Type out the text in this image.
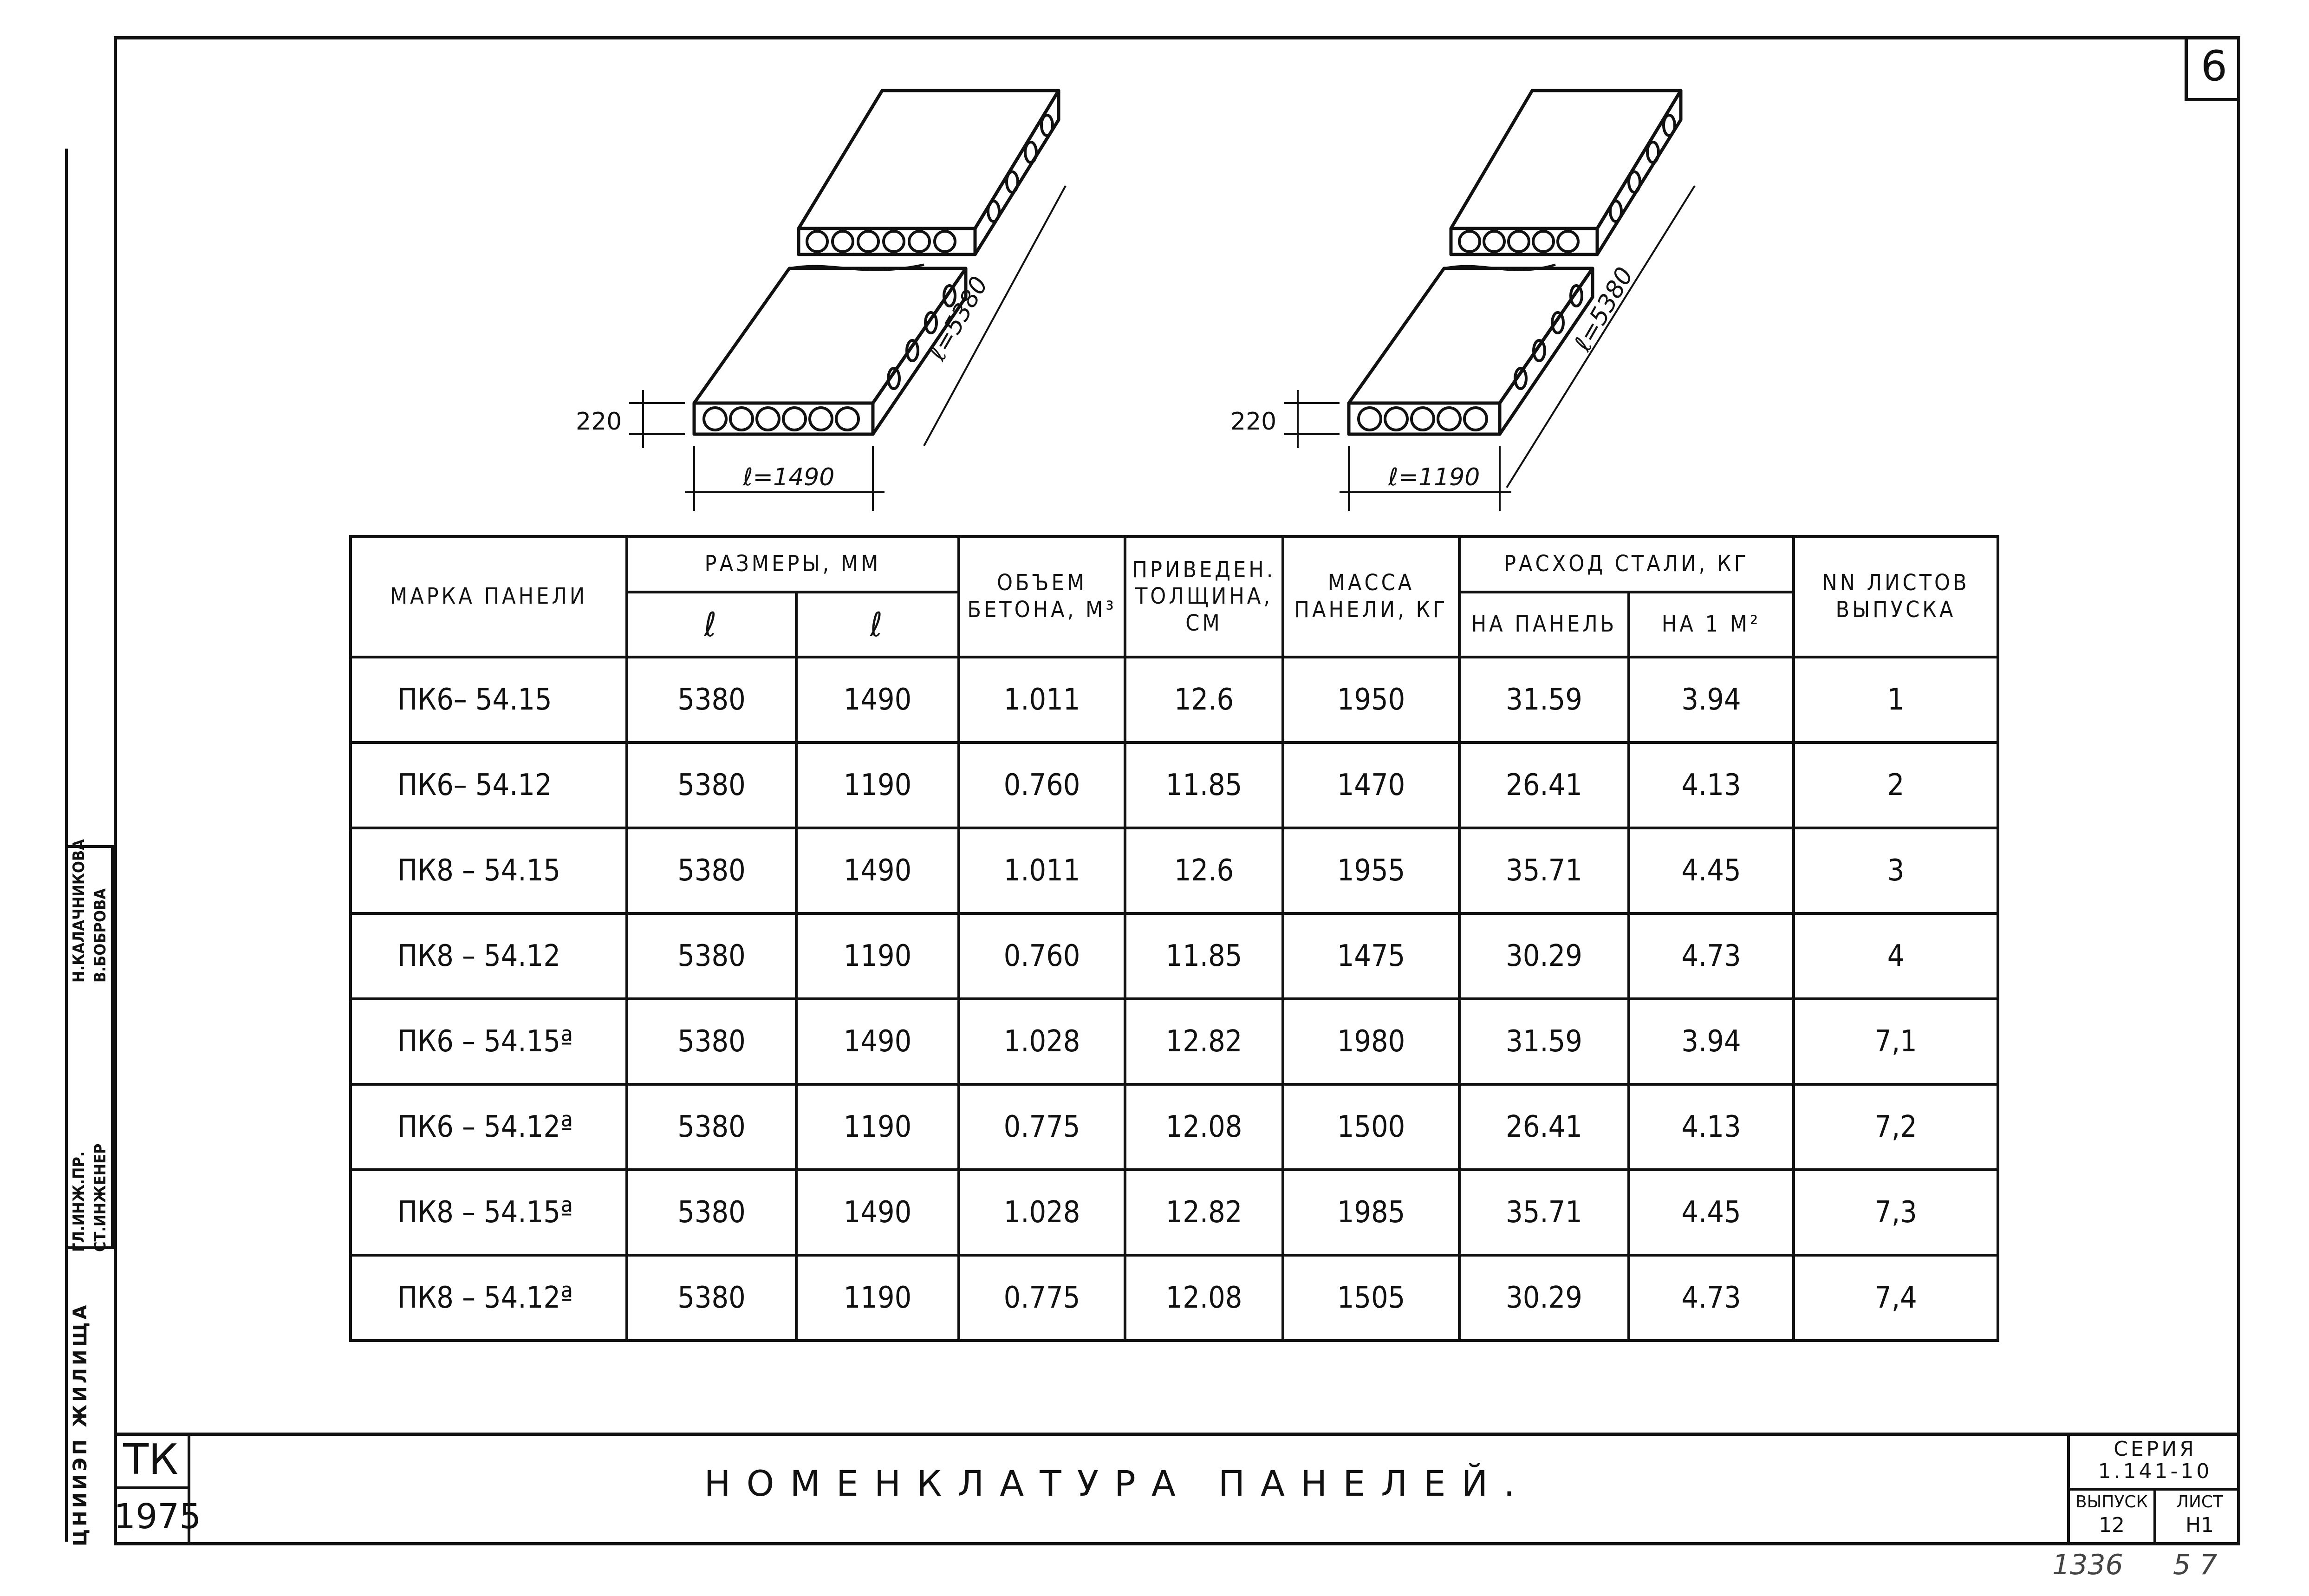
6
220
ℓ=1490
ℓ=5380
220
ℓ=1190
ℓ=5380
МАРКА ПАНЕЛИ	РАЗМЕРЫ, ММ		ОБЪЕМ БЕТОНА, М³	ПРИВЕДЕН. ТОЛЩИНА, СМ	МАССА ПАНЕЛИ, КГ	РАСХОД СТАЛИ, КГ		NN ЛИСТОВ ВЫПУСКА
	ℓ	ℓ				НА ПАНЕЛЬ	НА 1 М²	
ПК6– 54.15	5380	1490	1.011	12.6	1950	31.59	3.94	1
ПК6– 54.12	5380	1190	0.760	11.85	1470	26.41	4.13	2
ПК8 – 54.15	5380	1490	1.011	12.6	1955	35.71	4.45	3
ПК8 – 54.12	5380	1190	0.760	11.85	1475	30.29	4.73	4
ПК6 – 54.15ª	5380	1490	1.028	12.82	1980	31.59	3.94	7,1
ПК6 – 54.12ª	5380	1190	0.775	12.08	1500	26.41	4.13	7,2
ПК8 – 54.15ª	5380	1490	1.028	12.82	1985	35.71	4.45	7,3
ПК8 – 54.12ª	5380	1190	0.775	12.08	1505	30.29	4.73	7,4
ГЛ.ИНЖ.ПР.
Н.КАЛАЧНИКОВА
СТ.ИНЖЕНЕР
В.БОБРОВА
ЦНИИЭП ЖИЛИЩА ТК
1975
НОМЕНКЛАТУРА ПАНЕЛЕЙ.
СЕРИЯ
1.141-10
ВЫПУСК
12
ЛИСТ
Н1
1336 5 7
